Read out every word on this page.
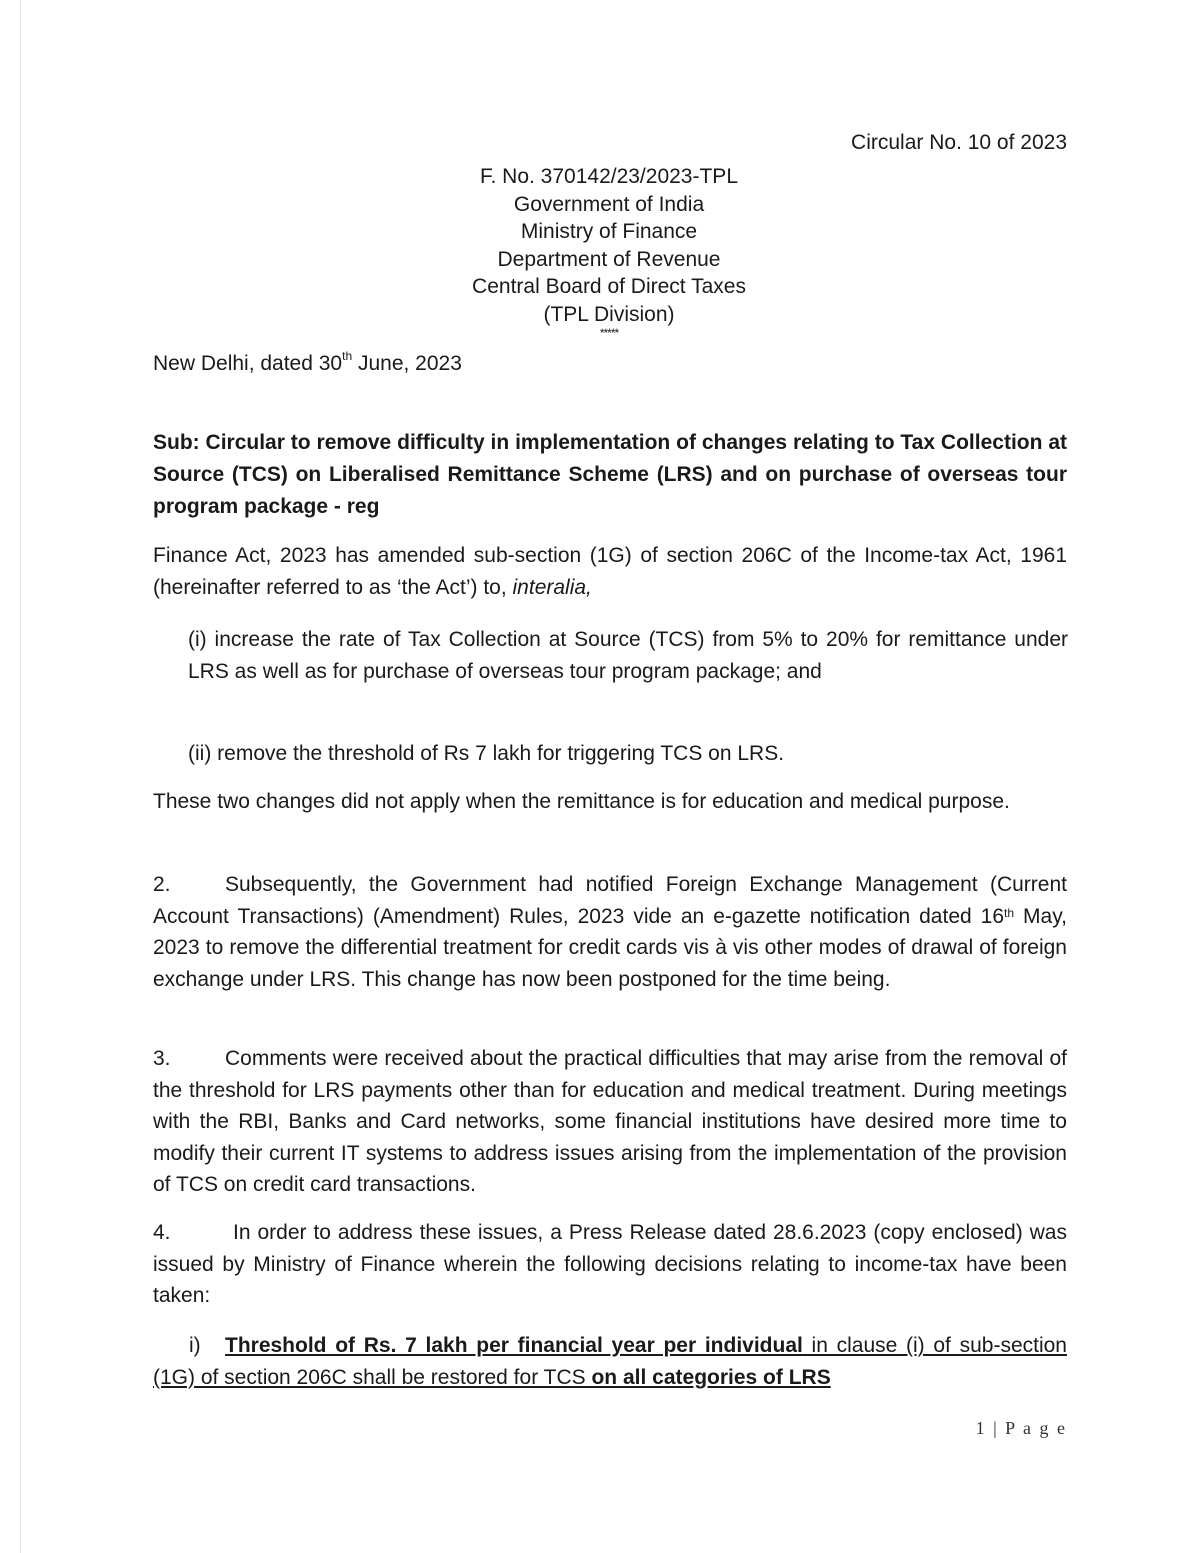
Circular No. 10 of 2023
F. No. 370142/23/2023-TPL
Government of India
Ministry of Finance
Department of Revenue
Central Board of Direct Taxes
(TPL Division)
*****
New Delhi, dated 30th June, 2023
Sub: Circular to remove difficulty in implementation of changes relating to Tax Collection at Source (TCS) on Liberalised Remittance Scheme (LRS) and on purchase of overseas tour program package - reg
Finance Act, 2023 has amended sub-section (1G) of section 206C of the Income-tax Act, 1961 (hereinafter referred to as ‘the Act’) to, interalia,
(i) increase the rate of Tax Collection at Source (TCS) from 5% to 20% for remittance under LRS as well as for purchase of overseas tour program package; and
(ii) remove the threshold of Rs 7 lakh for triggering TCS on LRS.
These two changes did not apply when the remittance is for education and medical purpose.
2.	Subsequently, the Government had notified Foreign Exchange Management (Current Account Transactions) (Amendment) Rules, 2023 vide an e-gazette notification dated 16th May, 2023 to remove the differential treatment for credit cards vis à vis other modes of drawal of foreign exchange under LRS. This change has now been postponed for the time being.
3.	Comments were received about the practical difficulties that may arise from the removal of the threshold for LRS payments other than for education and medical treatment. During meetings with the RBI, Banks and Card networks, some financial institutions have desired more time to modify their current IT systems to address issues arising from the implementation of the provision of TCS on credit card transactions.
4.	In order to address these issues, a Press Release dated 28.6.2023 (copy enclosed) was issued by Ministry of Finance wherein the following decisions relating to income-tax have been taken:
i) Threshold of Rs. 7 lakh per financial year per individual in clause (i) of sub-section (1G) of section 206C shall be restored for TCS on all categories of LRS
1 | P a g e
